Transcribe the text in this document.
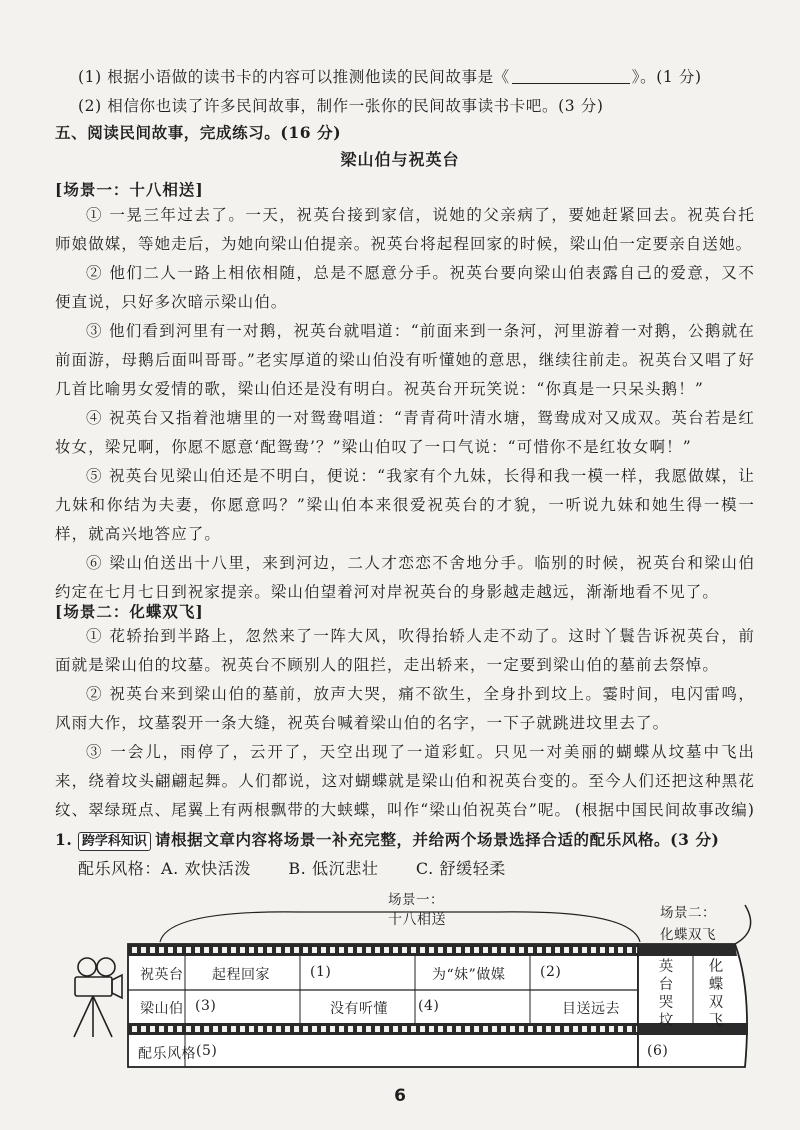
(1) 根据小语做的读书卡的内容可以推测他读的民间故事是《	》。(1 分)
(2) 相信你也读了许多民间故事，制作一张你的民间故事读书卡吧。(3 分)
五、阅读民间故事，完成练习。(16 分)
梁山伯与祝英台
[场景一：十八相送]
① 一晃三年过去了。一天，祝英台接到家信，说她的父亲病了，要她赶紧回去。祝英台托师娘做媒，等她走后，为她向梁山伯提亲。祝英台将起程回家的时候，梁山伯一定要亲自送她。
② 他们二人一路上相依相随，总是不愿意分手。祝英台要向梁山伯表露自己的爱意，又不便直说，只好多次暗示梁山伯。
③ 他们看到河里有一对鹅，祝英台就唱道：“前面来到一条河，河里游着一对鹅，公鹅就在前面游，母鹅后面叫哥哥。”老实厚道的梁山伯没有听懂她的意思，继续往前走。祝英台又唱了好几首比喻男女爱情的歌，梁山伯还是没有明白。祝英台开玩笑说：“你真是一只呆头鹅！”
④ 祝英台又指着池塘里的一对鸳鸯唱道：“青青荷叶清水塘，鸳鸯成对又成双。英台若是红妆女，梁兄啊，你愿不愿意‘配鸳鸯’？”梁山伯叹了一口气说：“可惜你不是红妆女啊！”
⑤ 祝英台见梁山伯还是不明白，便说：“我家有个九妹，长得和我一模一样，我愿做媒，让九妹和你结为夫妻，你愿意吗？”梁山伯本来很爱祝英台的才貌，一听说九妹和她生得一模一样，就高兴地答应了。
⑥ 梁山伯送出十八里，来到河边，二人才恋恋不舍地分手。临别的时候，祝英台和梁山伯约定在七月七日到祝家提亲。梁山伯望着河对岸祝英台的身影越走越远，渐渐地看不见了。
[场景二：化蝶双飞]
① 花轿抬到半路上，忽然来了一阵大风，吹得抬轿人走不动了。这时丫鬟告诉祝英台，前面就是梁山伯的坟墓。祝英台不顾别人的阻拦，走出轿来，一定要到梁山伯的墓前去祭悼。
② 祝英台来到梁山伯的墓前，放声大哭，痛不欲生，全身扑到坟上。霎时间，电闪雷鸣，风雨大作，坟墓裂开一条大缝，祝英台喊着梁山伯的名字，一下子就跳进坟里去了。
③ 一会儿，雨停了，云开了，天空出现了一道彩虹。只见一对美丽的蝴蝶从坟墓中飞出来，绕着坟头翩翩起舞。人们都说，这对蝴蝶就是梁山伯和祝英台变的。至今人们还把这种黑花纹、翠绿斑点、尾翼上有两根飘带的大蛱蝶，叫作“梁山伯祝英台”呢。 (根据中国民间故事改编)
1. 跨学科知识 请根据文章内容将场景一补充完整，并给两个场景选择合适的配乐风格。(3 分)
配乐风格：A. 欢快活泼 B. 低沉悲壮 C. 舒缓轻柔
场景一：
十八相送	场景二：
化蝶双飞
祝英台 起程回家	(1)	为“妹”做媒 (2)
梁山伯 (3)	没有听懂 (4)	目送远去
英台哭坟
化蝶双飞
配乐风格 (5)	(6)
6
